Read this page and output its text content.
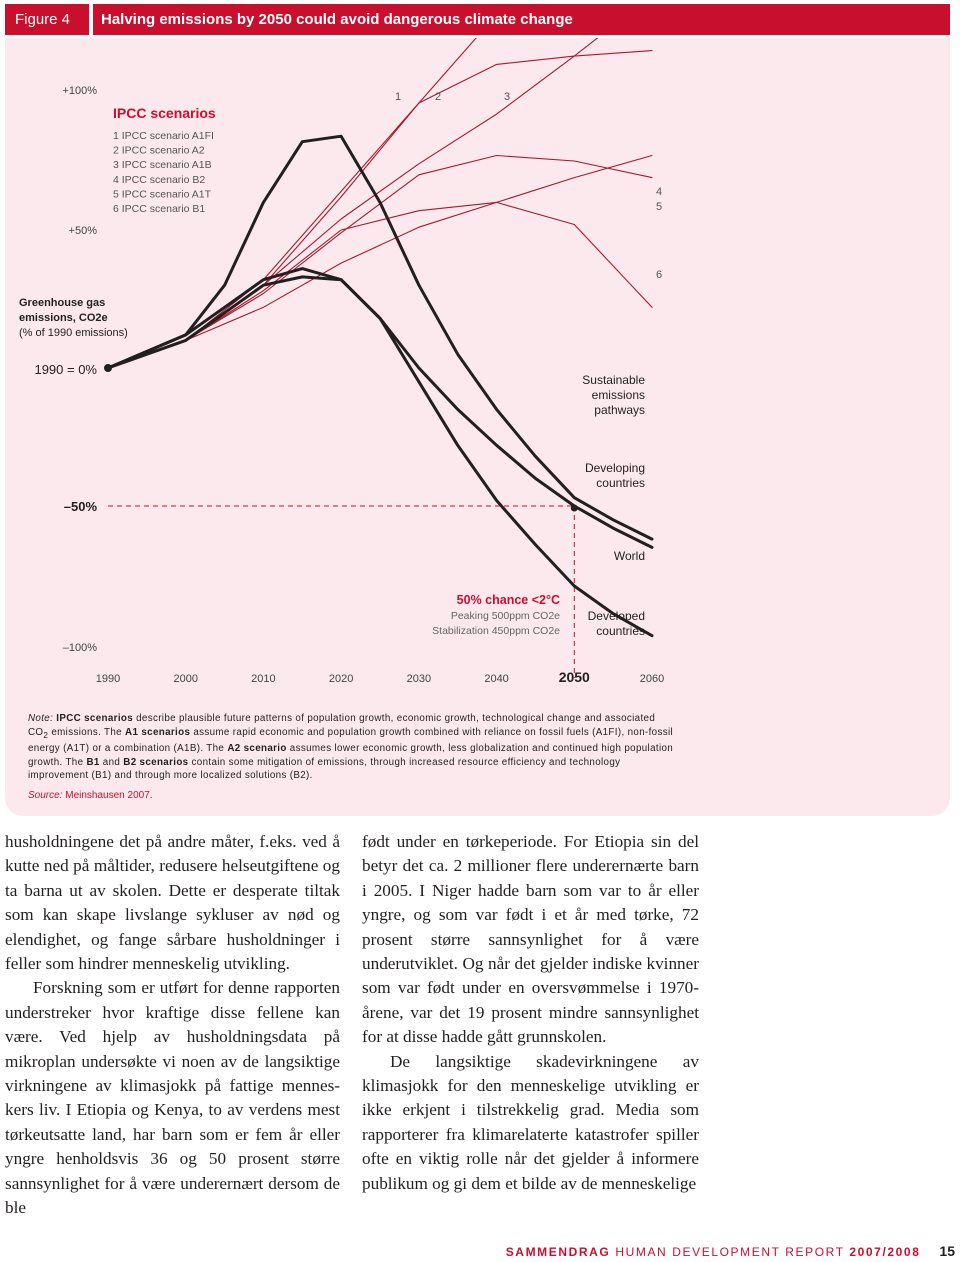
Figure 4	Halving emissions by 2050 could avoid dangerous climate change
1	2	3
4
5
6
+100%
+50%
1990 = 0%
–50%
–100%
Greenhouse gas emissions, CO2e (% of 1990 emissions)
1990	2000	2010	2020	2030	2040	2050	2060
IPCC scenarios
1 IPCC scenario A1FI
2 IPCC scenario A2
3 IPCC scenario A1B
4 IPCC scenario B2
5 IPCC scenario A1T
6 IPCC scenario B1
Sustainable
emissions
pathways
Developing
countries
World
Developed
countries
50% chance <2°C
Peaking 500ppm CO2e
Stabilization 450ppm CO2e
Note: IPCC scenarios describe plausible future patterns of population growth, economic growth, technological change and associated $CO_2$ emissions. The A1 scenarios assume rapid economic and population growth combined with reliance on fossil fuels (A1FI), non-fossil energy (A1T) or a combination (A1B). The A2 scenario assumes lower economic growth, less globalization and continued high population growth. The B1 and B2 scenarios contain some mitigation of emissions, through increased resource efficiency and technology improvement (B1) and through more localized solutions (B2).
Source: Meinshausen 2007.

husholdningene det på andre måter, f.eks. ved å kutte ned på måltider, redusere helseutgiftene og ta barna ut av skolen. Dette er desperate tiltak som kan skape livslange sykluser av nød og elendighet, og fange sårbare husholdninger i feller som hindrer menneskelig utvikling.

Forskning som er utført for denne rapporten understreker hvor kraftige disse fellene kan være. Ved hjelp av husholdningsdata på mikroplan undersøkte vi noen av de langsiktige virkningene av klimasjokk på fattige mennes-kers liv. I Etiopia og Kenya, to av verdens mest tørkeutsatte land, har barn som er fem år eller yngre henholdsvis 36 og 50 prosent større sannsynlighet for å være underernært dersom de ble

født under en tørkeperiode. For Etiopia sin del betyr det ca. 2 millioner flere underernærte barn i 2005. I Niger hadde barn som var to år eller yngre, og som var født i et år med tørke, 72 prosent større sannsynlighet for å være underutviklet. Og når det gjelder indiske kvinner som var født under en oversvømmelse i 1970-årene, var det 19 prosent mindre sannsynlighet for at disse hadde gått grunnskolen.

De langsiktige skadevirkningene av klimasjokk for den menneskelige utvikling er ikke erkjent i tilstrekkelig grad. Media som rapporterer fra klimarelaterte katastrofer spiller ofte en viktig rolle når det gjelder å informere publikum og gi dem et bilde av de menneskelige

SAMMENDRAG HUMAN DEVELOPMENT REPORT 2007/2008 15
